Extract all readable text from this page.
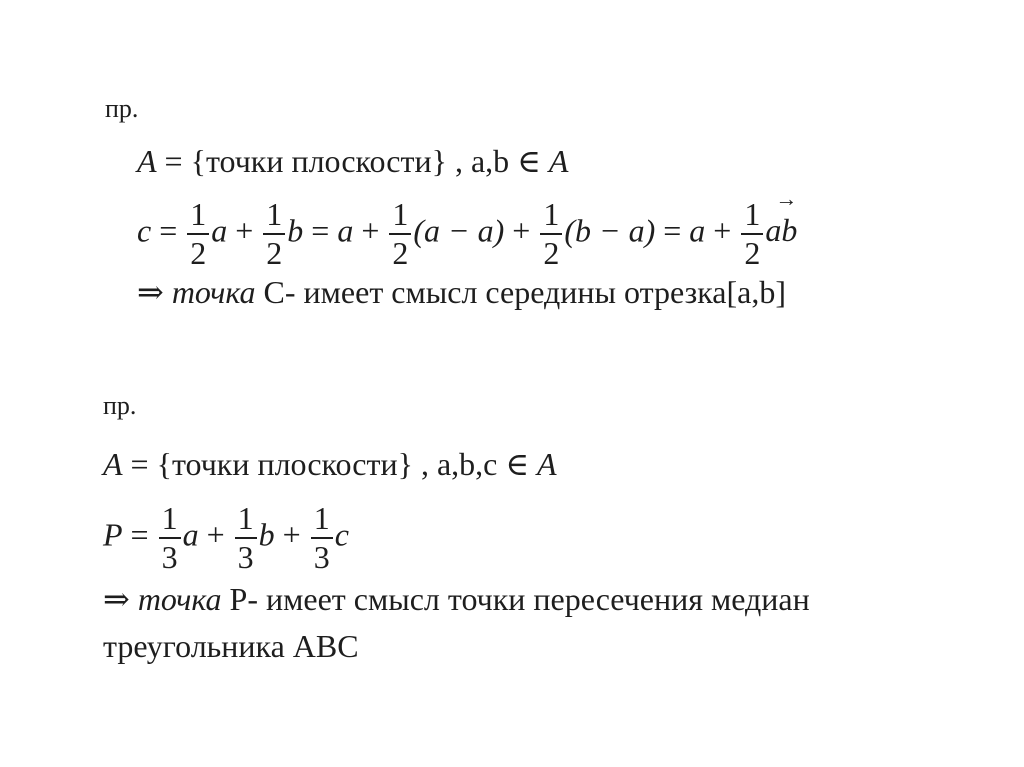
пр.
A = {точки плоскости} , a,b ∈ A
$c = \frac{1}{2}$ $a + \frac{1}{2}$ $b = a + \frac{1}{2} (a - a) + \frac{1}{2} (b - a) = a + \frac{1}{2}$ →
ab
⇒ точка С- имеет смысл середины отрезка[a,b]
пр.
A = {точки плоскости} , a,b,c ∈ A
$P = \frac{1}{3}$ $a + \frac{1}{3}$ $b + \frac{1}{3}$ c
⇒ точка Р- имеет смысл точки пересечения медиан
треугольника АВС
